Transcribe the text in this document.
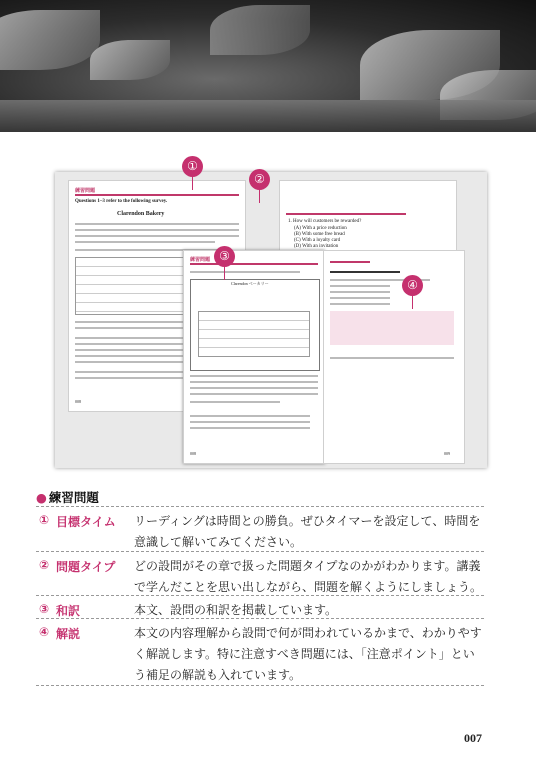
練習問題
Questions 1–3 refer to the following survey.
Clarendon Bakery
008
1. How will customers be rewarded?
(A) With a price reduction
(B) With some free bread
(C) With a loyalty card
(D) With an invitation
練習問題
Clarendon ベーカリー
008	009
①
②
③
④
● 練習問題
① 目標タイム リーディングは時間との勝負。ぜひタイマーを設定して、時間を意識して解いてみてください。
② 問題タイプ どの設問がその章で扱った問題タイプなのかがわかります。講義で学んだことを思い出しながら、問題を解くようにしましょう。
③ 和訳	本文、設問の和訳を掲載しています。
④ 解説	本文の内容理解から設問で何が問われているかまで、わかりやすく解説します。特に注意すべき問題には、「注意ポイント」という補足の解説も入れています。
007
